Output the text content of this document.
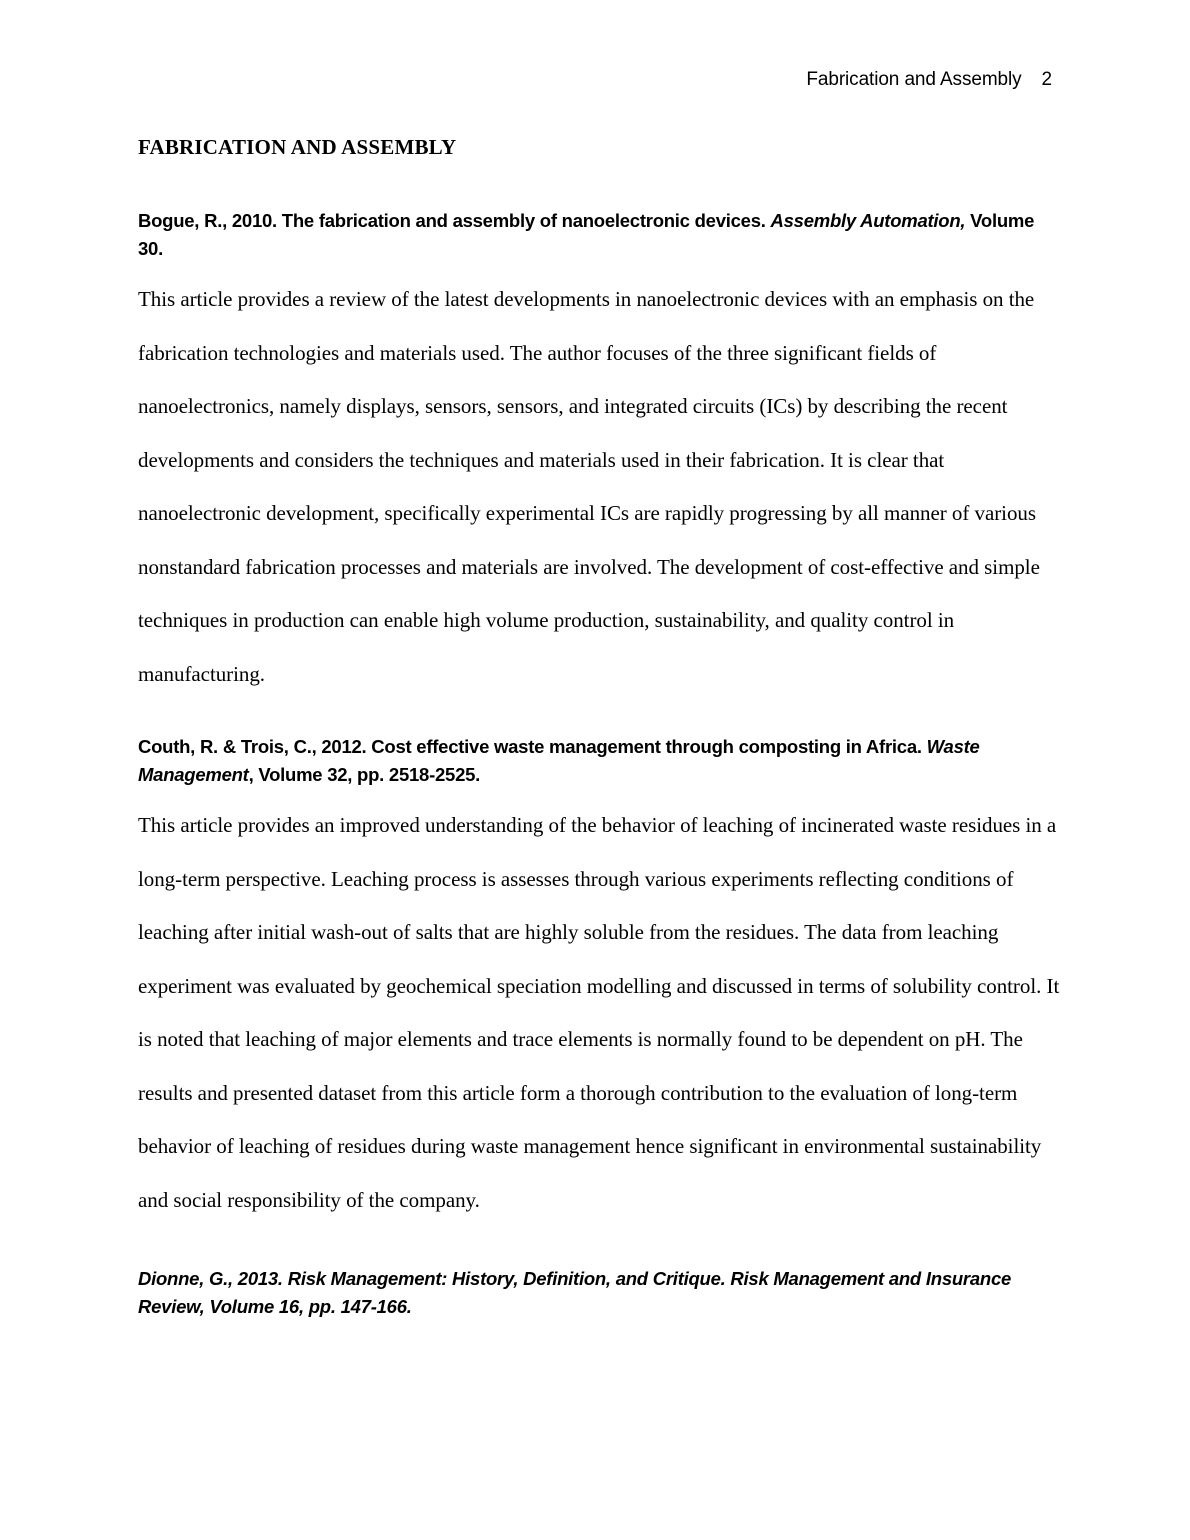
Fabrication and Assembly 2
FABRICATION AND ASSEMBLY

Bogue, R., 2010. The fabrication and assembly of nanoelectronic devices. Assembly Automation, Volume 30.

This article provides a review of the latest developments in nanoelectronic devices with an emphasis on the fabrication technologies and materials used. The author focuses of the three significant fields of nanoelectronics, namely displays, sensors, sensors, and integrated circuits (ICs) by describing the recent developments and considers the techniques and materials used in their fabrication. It is clear that nanoelectronic development, specifically experimental ICs are rapidly progressing by all manner of various nonstandard fabrication processes and materials are involved. The development of cost-effective and simple techniques in production can enable high volume production, sustainability, and quality control in manufacturing.

Couth, R. & Trois, C., 2012. Cost effective waste management through composting in Africa. Waste Management, Volume 32, pp. 2518-2525.

This article provides an improved understanding of the behavior of leaching of incinerated waste residues in a long-term perspective. Leaching process is assesses through various experiments reflecting conditions of leaching after initial wash-out of salts that are highly soluble from the residues. The data from leaching experiment was evaluated by geochemical speciation modelling and discussed in terms of solubility control. It is noted that leaching of major elements and trace elements is normally found to be dependent on pH. The results and presented dataset from this article form a thorough contribution to the evaluation of long-term behavior of leaching of residues during waste management hence significant in environmental sustainability and social responsibility of the company.

Dionne, G., 2013. Risk Management: History, Definition, and Critique. Risk Management and Insurance Review, Volume 16, pp. 147-166.
